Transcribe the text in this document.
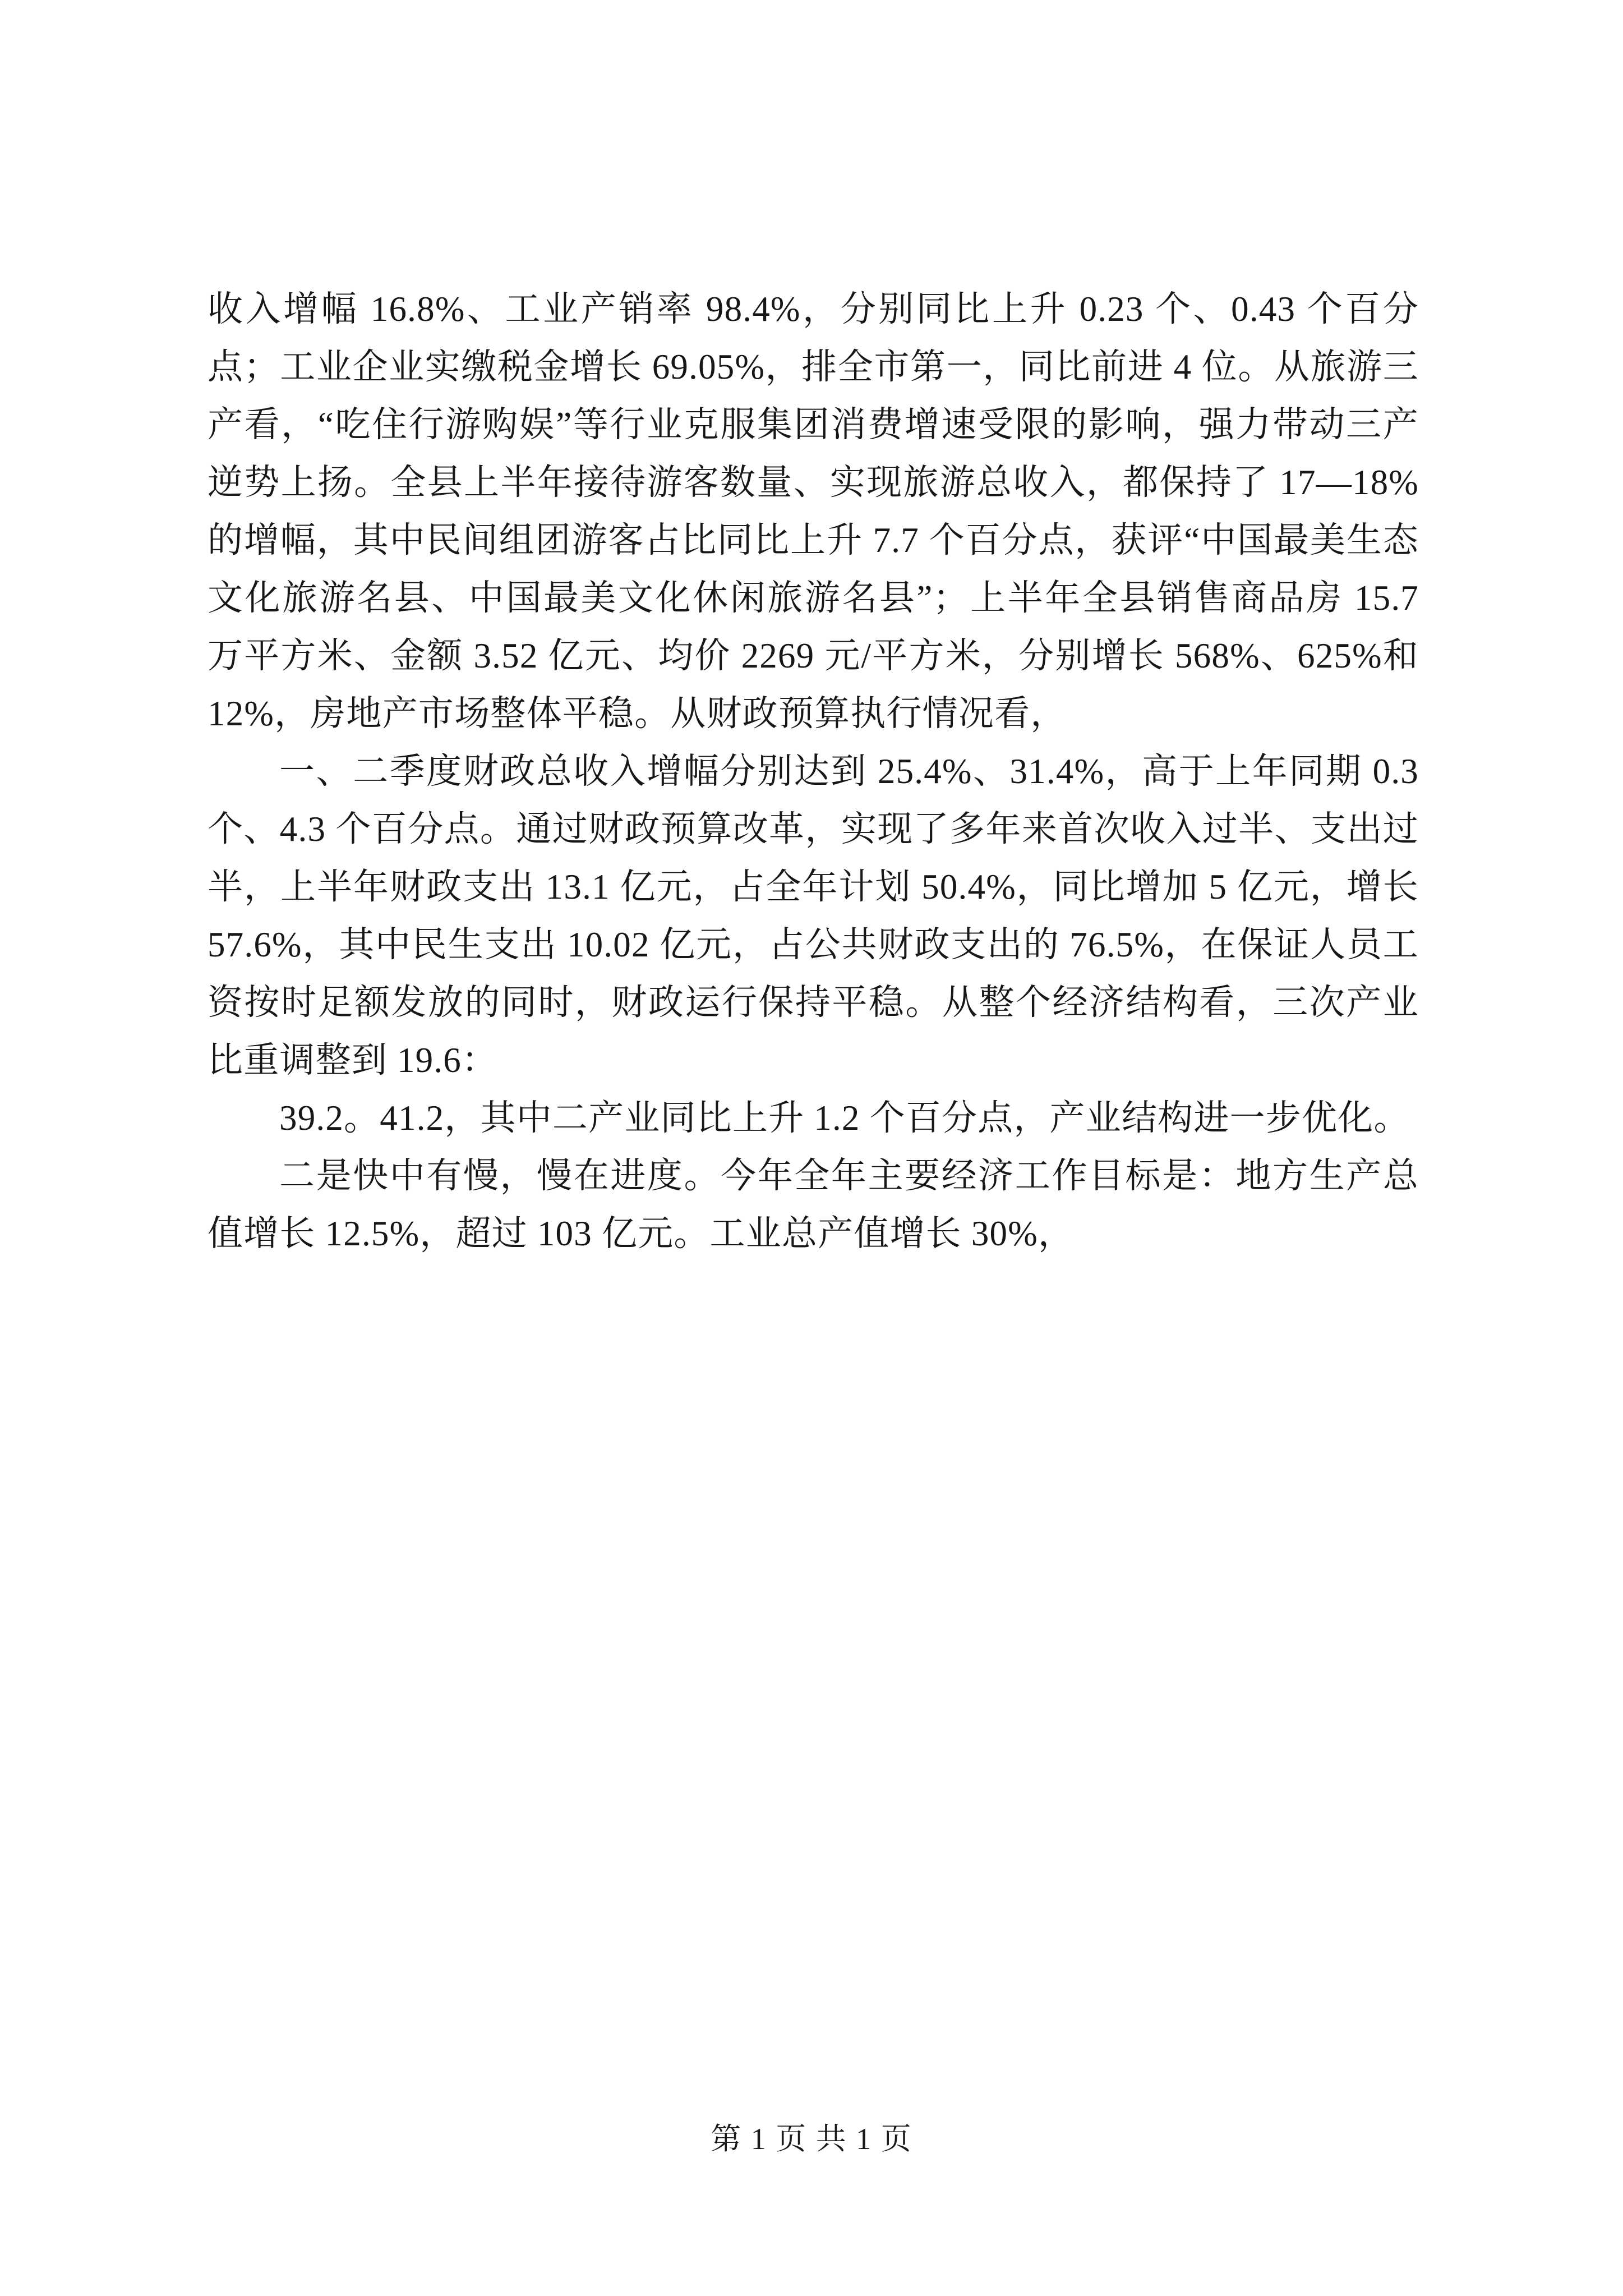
收入增幅 16.8%、工业产销率 98.4%，分别同比上升 0.23 个、0.43 个百分点；工业企业实缴税金增长 69.05%，排全市第一，同比前进 4 位。从旅游三产看，“吃住行游购娱”等行业克服集团消费增速受限的影响，强力带动三产逆势上扬。全县上半年接待游客数量、实现旅游总收入，都保持了 17—18%的增幅，其中民间组团游客占比同比上升 7.7 个百分点，获评“中国最美生态文化旅游名县、中国最美文化休闲旅游名县”；上半年全县销售商品房 15.7 万平方米、金额 3.52 亿元、均价 2269 元/平方米，分别增长 568%、625%和 12%，房地产市场整体平稳。从财政预算执行情况看，

一、二季度财政总收入增幅分别达到 25.4%、31.4%，高于上年同期 0.3 个、4.3 个百分点。通过财政预算改革，实现了多年来首次收入过半、支出过半，上半年财政支出 13.1 亿元，占全年计划 50.4%，同比增加 5 亿元，增长 57.6%，其中民生支出 10.02 亿元，占公共财政支出的 76.5%，在保证人员工资按时足额发放的同时，财政运行保持平稳。从整个经济结构看，三次产业比重调整到 19.6：

39.2。41.2，其中二产业同比上升 1.2 个百分点，产业结构进一步优化。

二是快中有慢，慢在进度。今年全年主要经济工作目标是：地方生产总值增长 12.5%，超过 103 亿元。工业总产值增长 30%，

第 1 页 共 1 页
